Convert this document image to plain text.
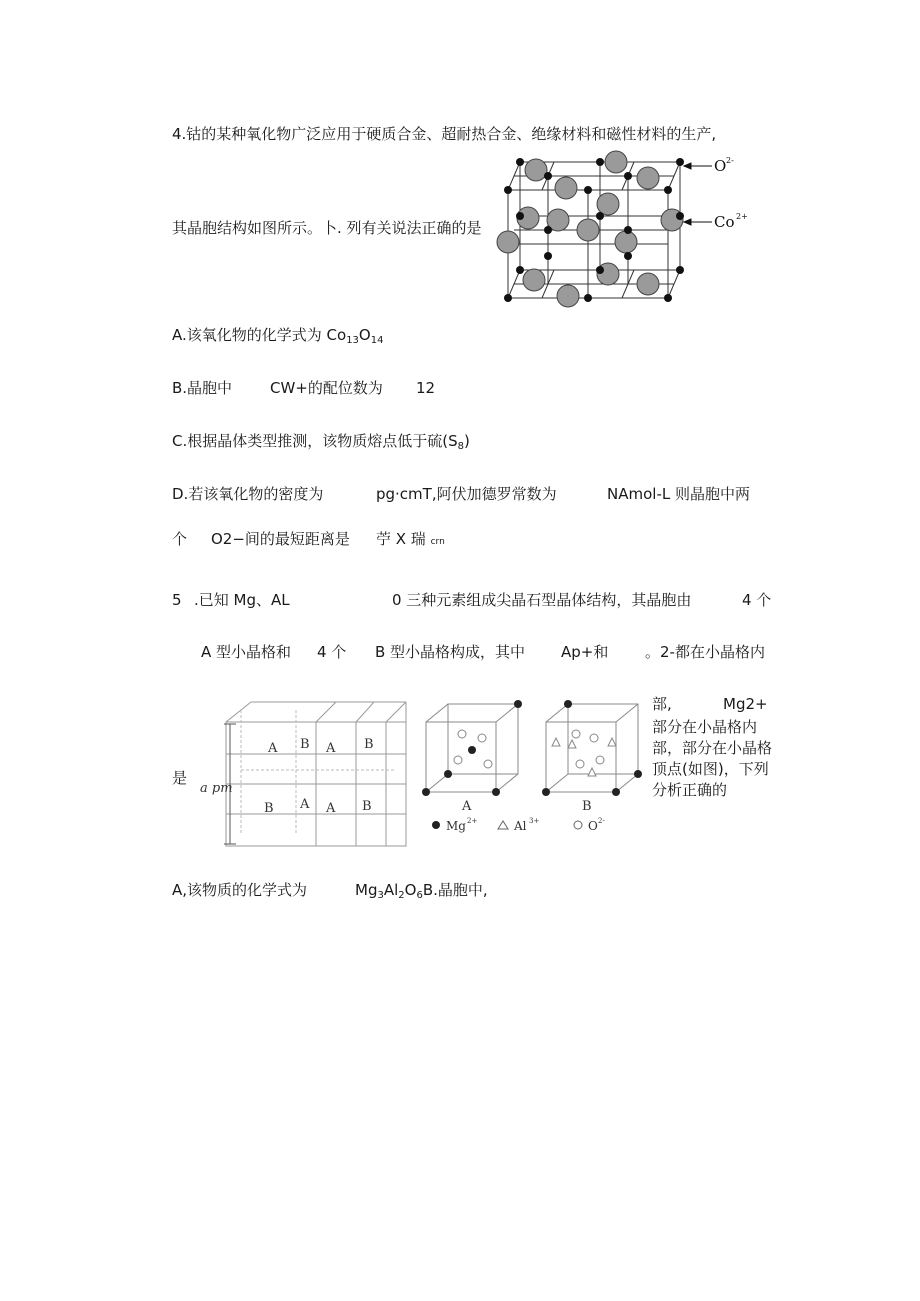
4.钴的某种氧化物广泛应用于硬质合金、超耐热合金、绝缘材料和磁性材料的生产,
其晶胞结构如图所示。卜. 列有关说法正确的是
O 2-
Co 2+
A.该氧化物的化学式为 $Co_{13}O_{14}$
B.晶胞中	CW+的配位数为 12
C.根据晶体类型推测，该物质熔点低于硫$(S_8)$
D.若该氧化物的密度为	pg·cmT,阿伏加德罗常数为	NAmol-L 则晶胞中两
个 O2−间的最短距离是 苧 X 瑞 crn
5 .已知 Mg、AL	0 三种元素组成尖晶石型晶体结构，其晶胞由	4 个
A 型小晶格和 4 个 B 型小晶格构成，其中 Ap+和 。2-都在小晶格内
部,	Mg2+
部分在小晶格内
部，部分在小晶格
顶点(如图)，下列
分析正确的
是
a pm
A B A B
A
B	B
A	A	B
Mg 2+	Al 3+	O 2-
A,该物质的化学式为	$Mg_3Al_2O_6B$.晶胞中,
